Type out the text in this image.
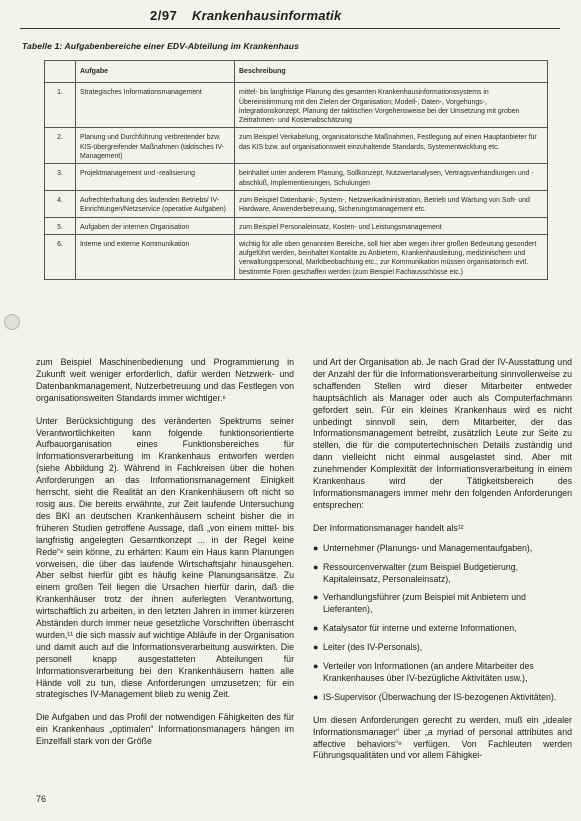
2/97 Krankenhausinformatik
Tabelle 1: Aufgabenbereiche einer EDV-Abteilung im Krankenhaus
	Aufgabe	Beschreibung
1.	Strategisches Informationsmanagement	mittel- bis langfristige Planung des gesamten Krankenhausinformationssystems in Übereinstimmung mit den Zielen der Organisation; Modell-, Daten-, Vorgehungs-, integrationskonzept, Planung der taktischen Vorgehensweise bei der Umsetzung mit groben Zeitrahmen- und Kostenabschätzung
2.	Planung und Durchführung verbreitender bzw. KIS-übergreifender Maßnahmen (taktisches IV-Management)	zum Beispiel Verkabelung, organisatorische Maßnahmen, Festlegung auf einen Hauptanbieter für das KIS bzw. auf organisationsweit einzuhaltende Standards, Systementwicklung etc.
3.	Projektmanagement und -realisierung	beinhaltet unter anderem Planung, Sollkonzept, Nutzwertanalysen, Vertragsverhandlungen und -abschluß, Implementierungen, Schulungen
4.	Aufrechterhaltung des laufenden Betriebs/ IV-Einrichtungen/Netzservice (operative Aufgaben)	zum Beispiel Datenbank-, System-, Netzwerkadministration, Betrieb und Wartung von Soft- und Hardware, Anwenderbetreuung, Sicherungsmanagement etc.
5.	Aufgaben der internen Organisation	zum Beispiel Personaleinsatz, Kosten- und Leistungsmanagement
6.	Interne und externe Kommunikation	wichtig für alle oben genannten Bereiche, soll hier aber wegen ihrer großen Bedeutung gesondert aufgeführt werden, beinhaltet Kontakte zu Anbietern, Krankenhausleitung, medizinischem und verwaltungspersonal, Marktbeobachtung etc.; zur Kommunikation müssen organisatorisch evtl. bestimmte Foren geschaffen werden (zum Beispiel Fachausschüsse etc.)

zum Beispiel Maschinenbedienung und Programmierung in Zukunft weit weniger erforderlich, dafür werden Netzwerk- und Datenbankmanagement, Nutzerbetreuung und das Festlegen von organisationsweiten Standards immer wichtiger.⁶

Unter Berücksichtigung des veränderten Spektrums seiner Verantwortlichkeiten kann folgende funktionsorientierte Aufbauorganisation eines Funktionsbereiches für Informationsverarbeitung im Krankenhaus entworfen werden (siehe Abbildung 2). Während in Fachkreisen über die hohen Anforderungen an das Informationsmanagement Einigkeit herrscht, sieht die Realität an den Krankenhäusern oft nicht so rosig aus. Die bereits erwähnte, zur Zeit laufende Untersuchung des BKI an deutschen Krankenhäusern scheint bisher die in früheren Studien getroffene Aussage, daß „von einem mittel- bis langfristig angelegten Gesamtkonzept ... in der Regel keine Rede“⁸ sein könne, zu erhärten: Kaum ein Haus kann Planungen vorweisen, die über das laufende Wirtschaftsjahr hinausgehen. Aber selbst hierfür gibt es häufig keine Planungsansätze. Zu einem großen Teil liegen die Ursachen hierfür darin, daß die Krankenhäuser trotz der ihnen auferlegten Verantwortung, wirtschaftlich zu arbeiten, in den letzten Jahren in immer kürzeren Abständen durch immer neue gesetzliche Vorschriften überrascht wurden,¹¹ die sich massiv auf wichtige Abläufe in der Organisation und damit auch auf die Informationsverarbeitung auswirkten. Die personell knapp ausgestatteten Abteilungen für Informationsverarbeitung bei den Krankenhäusern hatten alle Hände voll zu tun, diese Anforderungen umzusetzen; für ein strategisches IV-Management blieb zu wenig Zeit.

Die Aufgaben und das Profil der notwendigen Fähigkeiten des für ein Krankenhaus „optimalen“ Informationsmanagers hängen im Einzelfall stark von der Größe

und Art der Organisation ab. Je nach Grad der IV-Ausstattung und der Anzahl der für die Informationsverarbeitung sinnvollerweise zu schaffenden Stellen wird dieser Mitarbeiter entweder hauptsächlich als Manager oder auch als Computerfachmann gefordert sein. Für ein kleines Krankenhaus wird es nicht unbedingt sinnvoll sein, dem Mitarbeiter, der das Informationsmanagement betreibt, zusätzlich Leute zur Seite zu stellen, die für die computertechnischen Details zuständig und dann vielleicht nicht einmal ausgelastet sind. Aber mit zunehmender Komplexität der Informationsverarbeitung in einem Krankenhaus wird der Tätigkeitsbereich des Informationsmanagers immer mehr den folgenden Anforderungen entsprechen:

Der Informationsmanager handelt als¹²

● Unternehmer (Planungs- und Managementaufgaben),
● Ressourcenverwalter (zum Beispiel Budgetierung, Kapitaleinsatz, Personaleinsatz),
● Verhandlungsführer (zum Beispiel mit Anbietern und Lieferanten),
● Katalysator für interne und externe Informationen,
● Leiter (des IV-Personals),
● Verteiler von Informationen (an andere Mitarbeiter des Krankenhauses über IV-bezügliche Aktivitäten usw.),
● IS-Supervisor (Überwachung der IS-bezogenen Aktivitäten).

Um diesen Anforderungen gerecht zu werden, muß ein „idealer Informationsmanager“ über „a myriad of personal attributes and affective behaviors“⁹ verfügen. Von Fachleuten werden Führungsqualitäten und vor allem Fähigkei-

76
